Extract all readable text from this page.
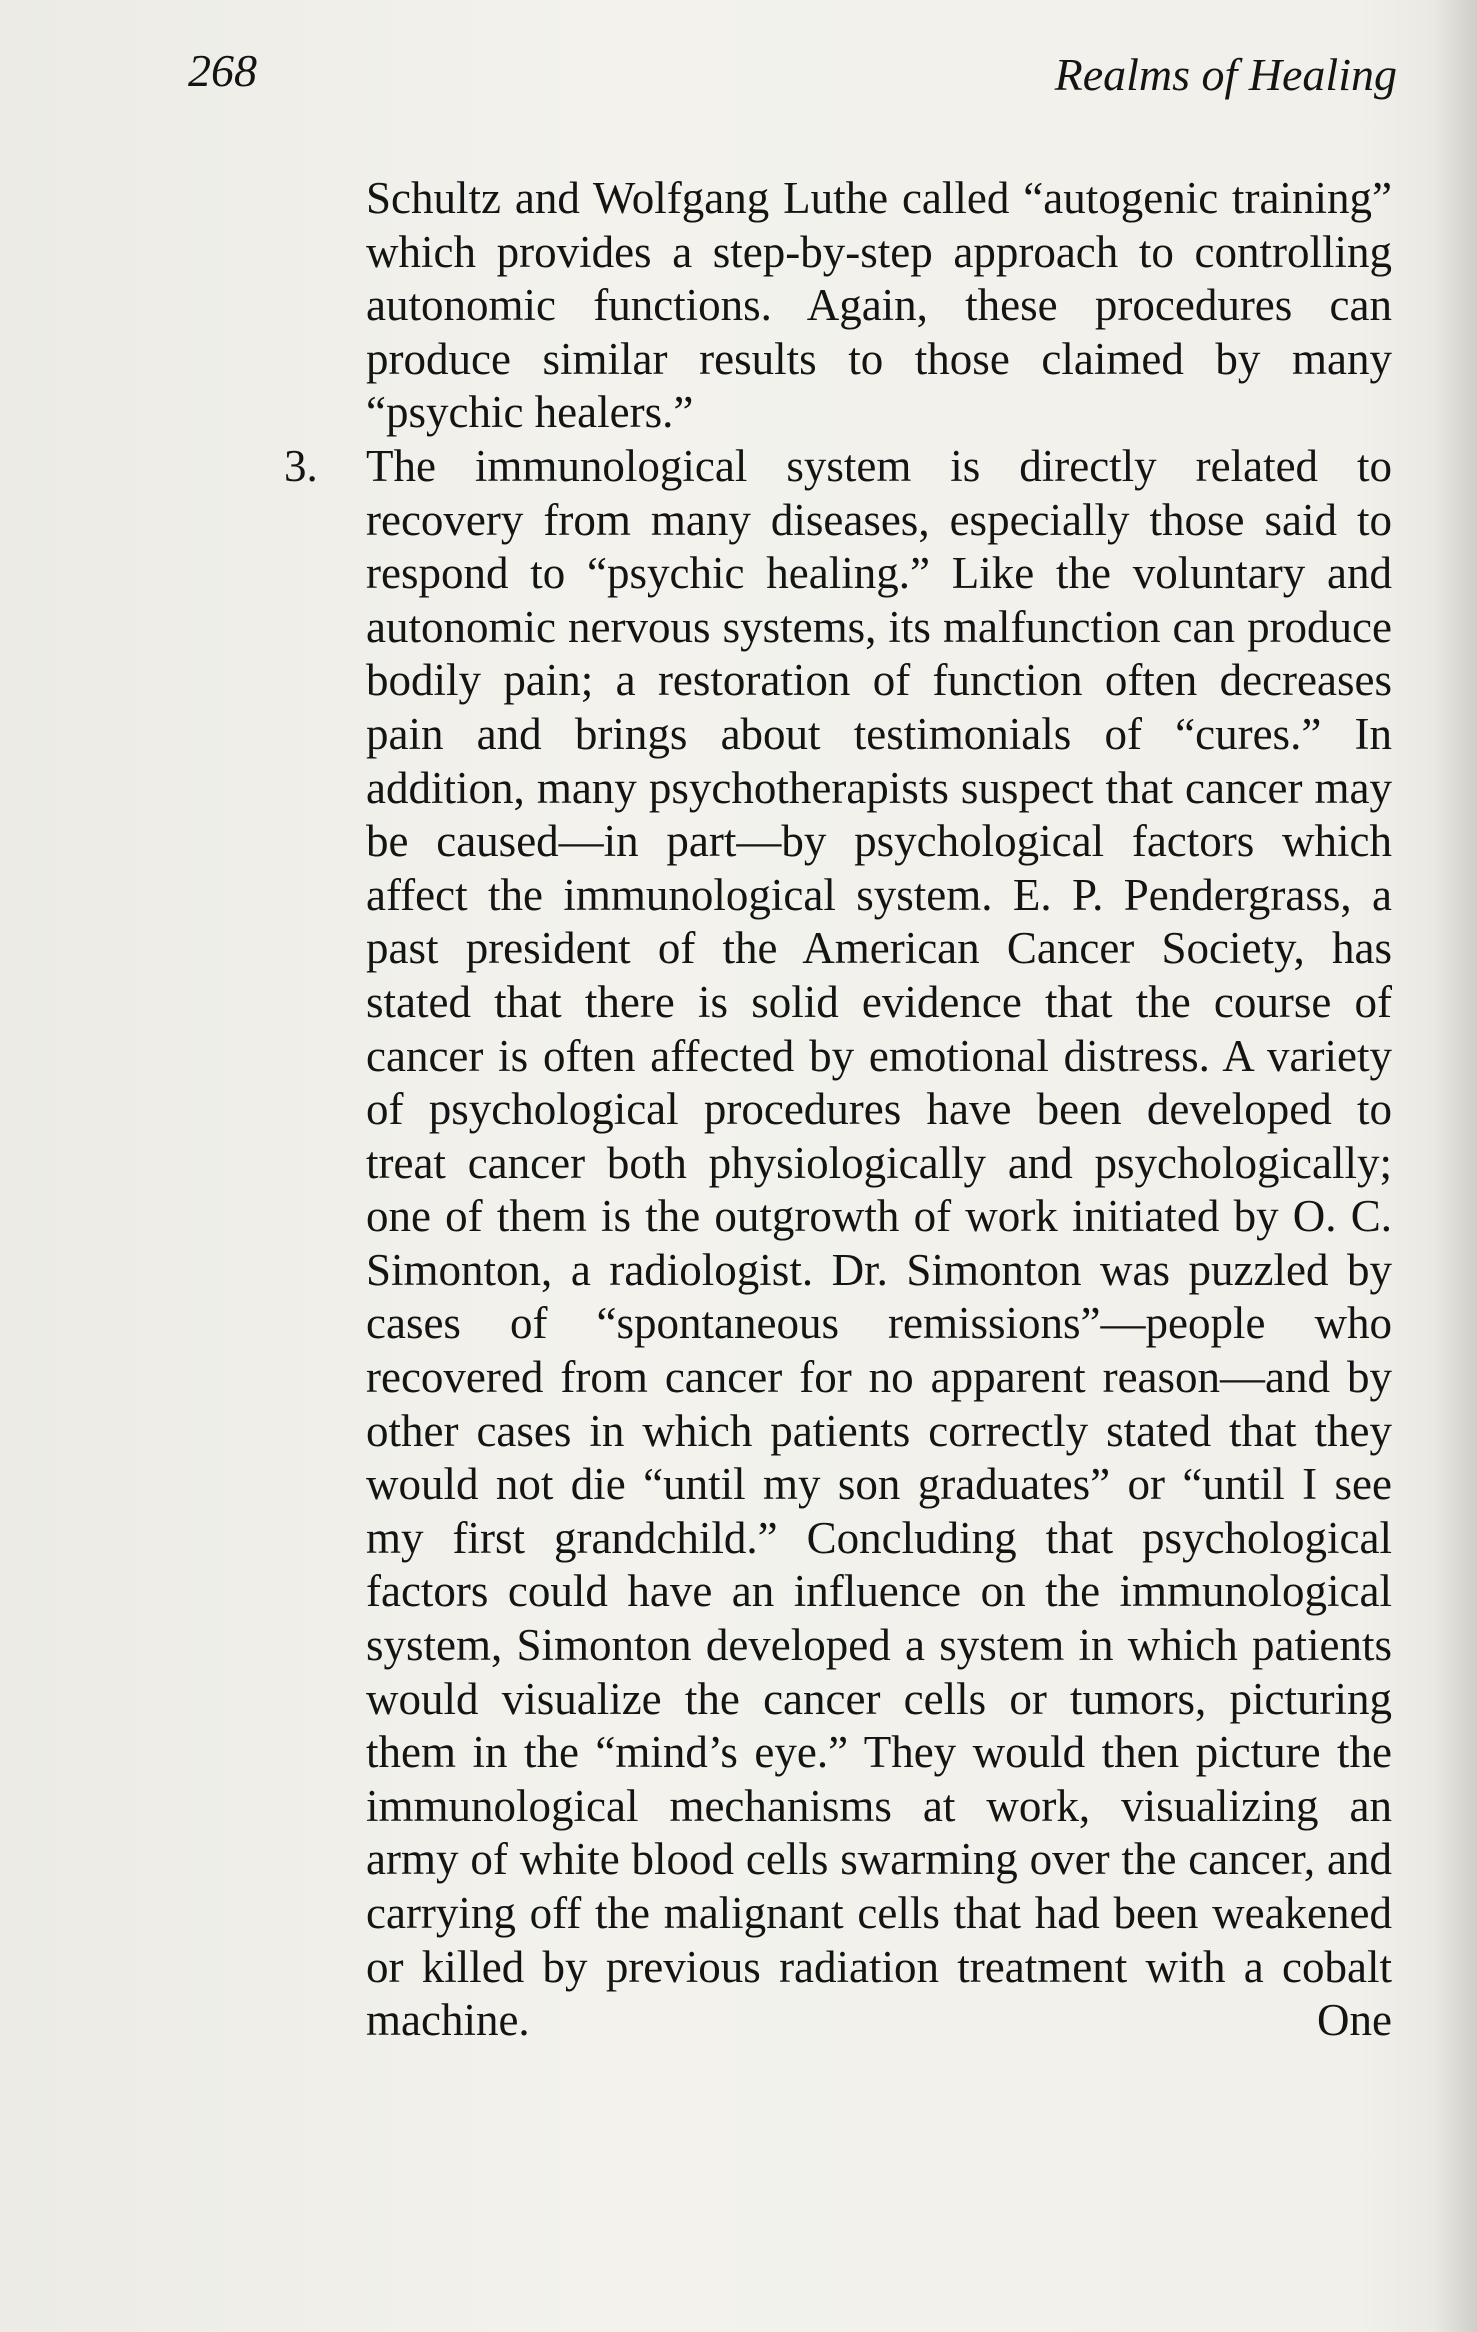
268	Realms of Healing

Schultz and Wolfgang Luthe called “autogenic training” which provides a step-by-step approach to controlling autonomic functions. Again, these procedures can produce similar results to those claimed by many “psychic healers.”

3. The immunological system is directly related to recovery from many diseases, especially those said to respond to “psychic healing.” Like the voluntary and autonomic nervous systems, its malfunction can produce bodily pain; a restoration of function often decreases pain and brings about testimonials of “cures.” In addition, many psychotherapists suspect that cancer may be caused—in part—by psychological factors which affect the immunological system. E. P. Pendergrass, a past president of the American Cancer Society, has stated that there is solid evidence that the course of cancer is often affected by emotional distress. A variety of psychological procedures have been developed to treat cancer both physiologically and psychologically; one of them is the outgrowth of work initiated by O. C. Simonton, a radiologist. Dr. Simonton was puzzled by cases of “spontaneous remissions”—people who recovered from cancer for no apparent reason—and by other cases in which patients correctly stated that they would not die “until my son graduates” or “until I see my first grandchild.” Concluding that psychological factors could have an influence on the immunological system, Simonton developed a system in which patients would visualize the cancer cells or tumors, picturing them in the “mind’s eye.” They would then picture the immunological mechanisms at work, visualizing an army of white blood cells swarming over the cancer, and carrying off the malignant cells that had been weakened or killed by previous radiation treatment with a cobalt machine. One
